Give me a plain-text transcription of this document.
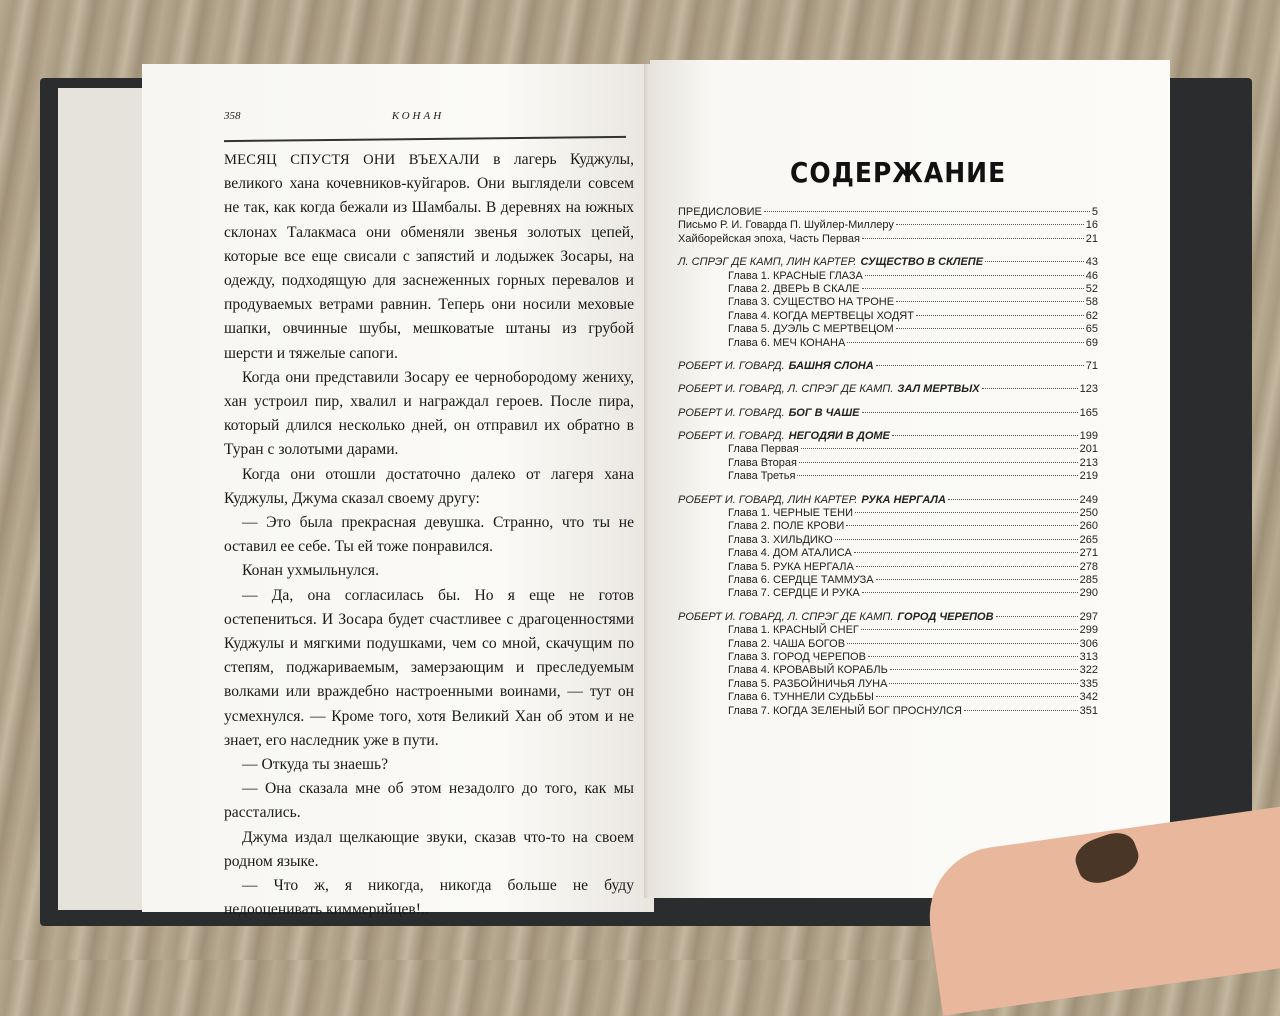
358	КОНАН

МЕСЯЦ СПУСТЯ ОНИ ВЪЕХАЛИ в лагерь Куджулы, великого хана кочевников-куйгаров. Они выглядели совсем не так, как когда бежали из Шамбалы. В деревнях на южных склонах Талакмаса они обменяли звенья золотых цепей, которые все еще свисали с запястий и лодыжек Зосары, на одежду, подходящую для заснеженных горных перевалов и продуваемых ветрами равнин. Теперь они носили меховые шапки, овчинные шубы, мешковатые штаны из грубой шерсти и тяжелые сапоги.

Когда они представили Зосару ее чернобородому жениху, хан устроил пир, хвалил и награждал героев. После пира, который длился несколько дней, он отправил их обратно в Туран с золотыми дарами.

Когда они отошли достаточно далеко от лагеря хана Куджулы, Джума сказал своему другу:

— Это была прекрасная девушка. Странно, что ты не оставил ее себе. Ты ей тоже понравился.

Конан ухмыльнулся.

— Да, она согласилась бы. Но я еще не готов остепениться. И Зосара будет счастливее с драгоценностями Куджулы и мягкими подушками, чем со мной, скачущим по степям, поджариваемым, замерзающим и преследуемым волками или враждебно настроенными воинами, — тут он усмехнулся. — Кроме того, хотя Великий Хан об этом и не знает, его наследник уже в пути.

— Откуда ты знаешь?

— Она сказала мне об этом незадолго до того, как мы расстались.

Джума издал щелкающие звуки, сказав что-то на своем родном языке.

— Что ж, я никогда, никогда больше не буду недооценивать киммерийцев!..

СОДЕРЖАНИЕ
ПРЕДИСЛОВИЕ	5
Письмо Р. И. Говарда П. Шуйлер-Миллеру	16
Хайборейская эпоха, Часть Первая	21
Л. СПРЭГ ДЕ КАМП, ЛИН КАРТЕР. СУЩЕСТВО В СКЛЕПЕ	43
Глава 1. КРАСНЫЕ ГЛАЗА	46
Глава 2. ДВЕРЬ В СКАЛЕ	52
Глава 3. СУЩЕСТВО НА ТРОНЕ	58
Глава 4. КОГДА МЕРТВЕЦЫ ХОДЯТ	62
Глава 5. ДУЭЛЬ С МЕРТВЕЦОМ	65
Глава 6. МЕЧ КОНАНА	69
РОБЕРТ И. ГОВАРД. БАШНЯ СЛОНА	71
РОБЕРТ И. ГОВАРД, Л. СПРЭГ ДЕ КАМП. ЗАЛ МЕРТВЫХ	123
РОБЕРТ И. ГОВАРД. БОГ В ЧАШЕ	165
РОБЕРТ И. ГОВАРД. НЕГОДЯИ В ДОМЕ	199
Глава Первая	201
Глава Вторая	213
Глава Третья	219
РОБЕРТ И. ГОВАРД, ЛИН КАРТЕР. РУКА НЕРГАЛА	249
Глава 1. ЧЕРНЫЕ ТЕНИ	250
Глава 2. ПОЛЕ КРОВИ	260
Глава 3. ХИЛЬДИКО	265
Глава 4. ДОМ АТАЛИСА	271
Глава 5. РУКА НЕРГАЛА	278
Глава 6. СЕРДЦЕ ТАММУЗА	285
Глава 7. СЕРДЦЕ И РУКА	290
РОБЕРТ И. ГОВАРД, Л. СПРЭГ ДЕ КАМП. ГОРОД ЧЕРЕПОВ	297
Глава 1. КРАСНЫЙ СНЕГ	299
Глава 2. ЧАША БОГОВ	306
Глава 3. ГОРОД ЧЕРЕПОВ	313
Глава 4. КРОВАВЫЙ КОРАБЛЬ	322
Глава 5. РАЗБОЙНИЧЬЯ ЛУНА	335
Глава 6. ТУННЕЛИ СУДЬБЫ	342
Глава 7. КОГДА ЗЕЛЕНЫЙ БОГ ПРОСНУЛСЯ	351
